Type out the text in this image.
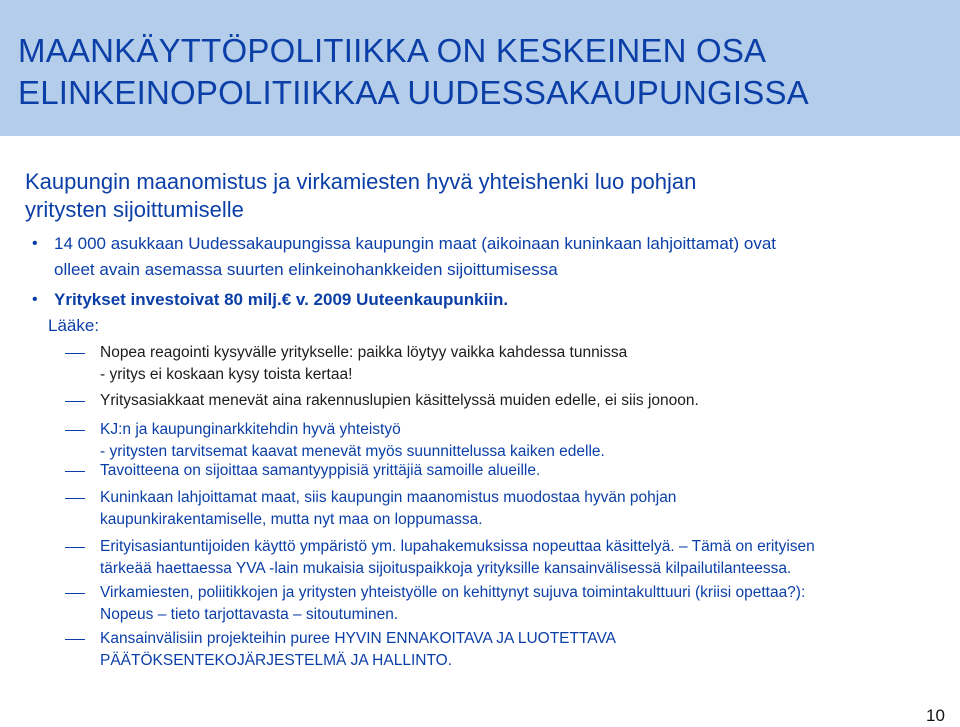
MAANKÄYTTÖPOLITIIKKA ON KESKEINEN OSA
ELINKEINOPOLITIIKKAA UUDESSAKAUPUNGISSA
Kaupungin maanomistus ja virkamiesten hyvä yhteishenki luo pohjan
yritysten sijoittumiselle
• 14 000 asukkaan Uudessakaupungissa kaupungin maat (aikoinaan kuninkaan lahjoittamat) ovat
olleet avain asemassa suurten elinkeinohankkeiden sijoittumisessa
• Yritykset investoivat 80 milj.€ v. 2009 Uuteenkaupunkiin.
Lääke:
Nopea reagointi kysyvälle yritykselle: paikka löytyy vaikka kahdessa tunnissa
- yritys ei koskaan kysy toista kertaa!
Yritysasiakkaat menevät aina rakennuslupien käsittelyssä muiden edelle, ei siis jonoon.
KJ:n ja kaupunginarkkitehdin hyvä yhteistyö
- yritysten tarvitsemat kaavat menevät myös suunnittelussa kaiken edelle.
Tavoitteena on sijoittaa samantyyppisiä yrittäjiä samoille alueille.
Kuninkaan lahjoittamat maat, siis kaupungin maanomistus muodostaa hyvän pohjan
kaupunkirakentamiselle, mutta nyt maa on loppumassa.
Erityisasiantuntijoiden käyttö ympäristö ym. lupahakemuksissa nopeuttaa käsittelyä. – Tämä on erityisen
tärkeää haettaessa YVA -lain mukaisia sijoituspaikkoja yrityksille kansainvälisessä kilpailutilanteessa.
Virkamiesten, poliitikkojen ja yritysten yhteistyölle on kehittynyt sujuva toimintakulttuuri (kriisi opettaa?):
Nopeus – tieto tarjottavasta – sitoutuminen.
Kansainvälisiin projekteihin puree HYVIN ENNAKOITAVA JA LUOTETTAVA
PÄÄTÖKSENTEKOJÄRJESTELMÄ JA HALLINTO.
10
